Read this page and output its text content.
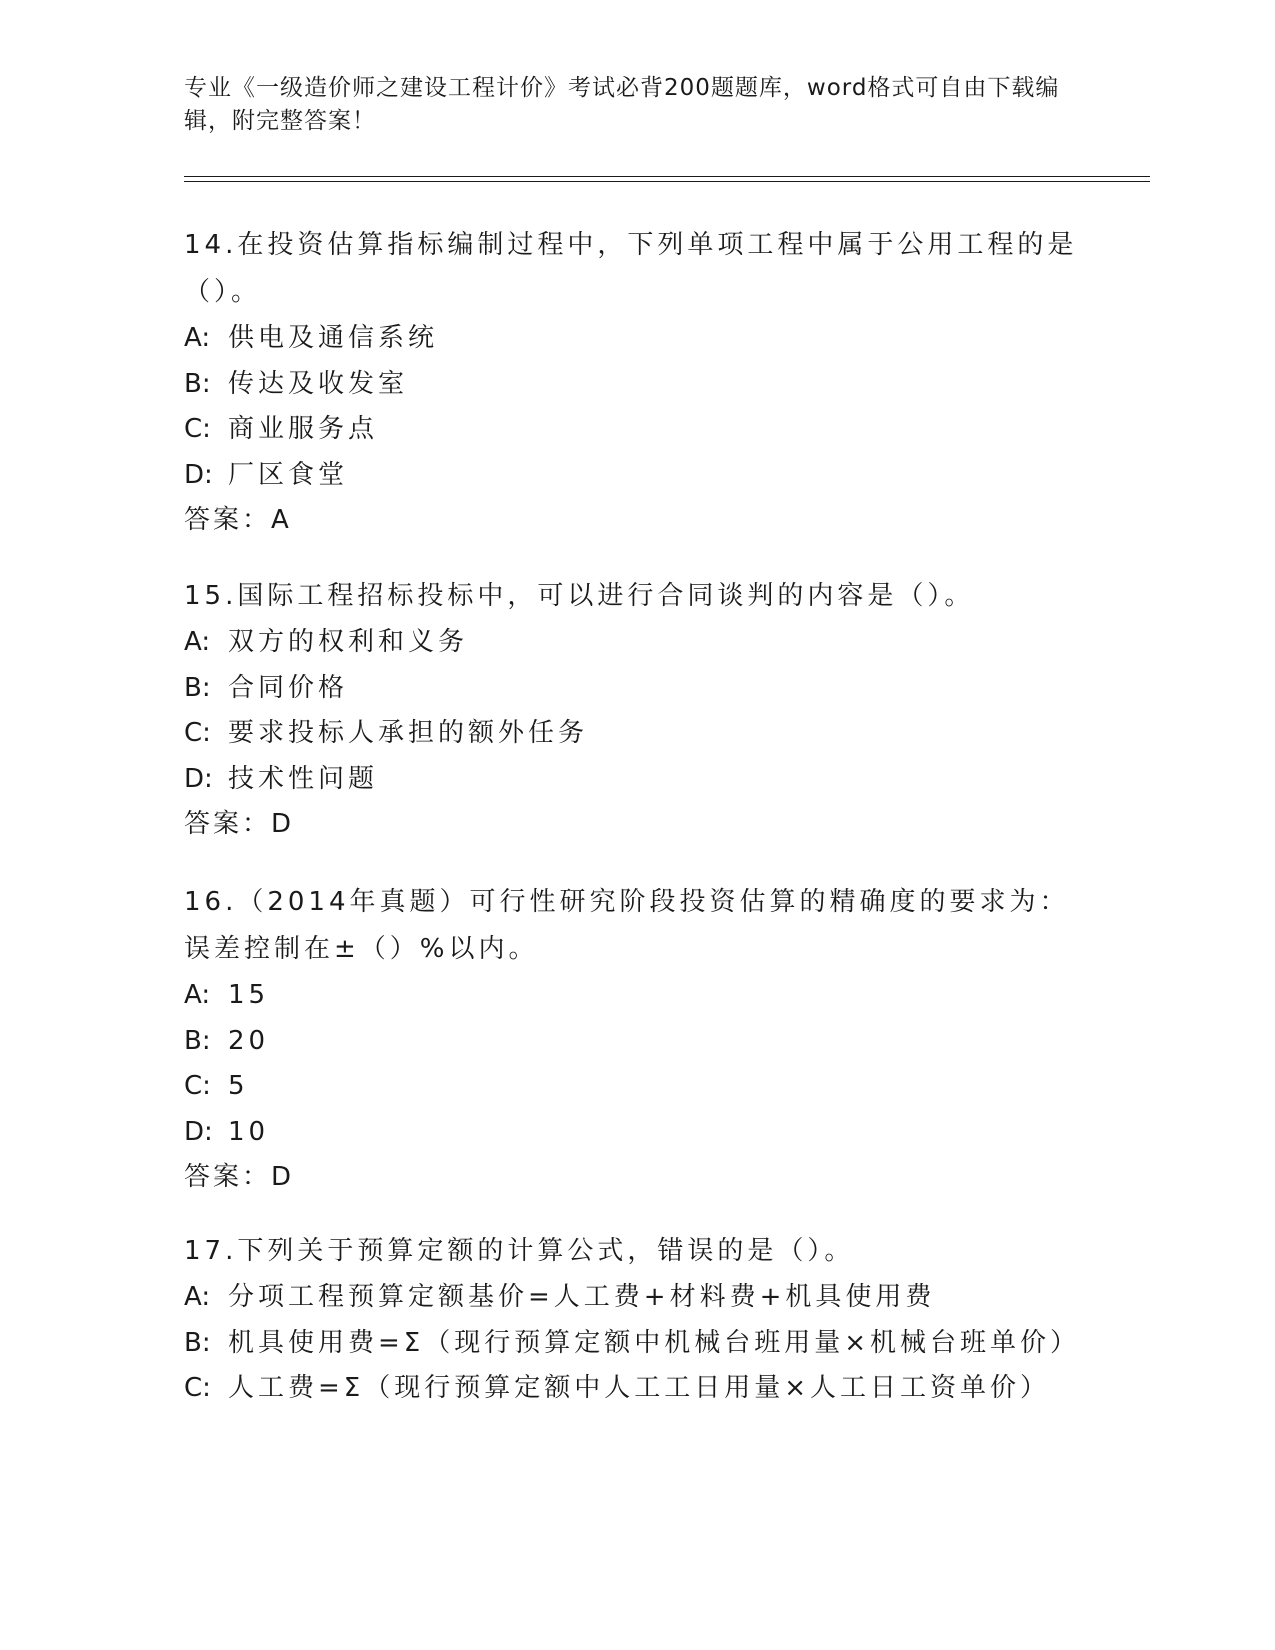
专业《一级造价师之建设工程计价》考试必背200题题库，word格式可自由下载编辑，附完整答案！
14.在投资估算指标编制过程中，下列单项工程中属于公用工程的是（）。
A: 供电及通信系统
B: 传达及收发室
C: 商业服务点
D: 厂区食堂
答案：A
15.国际工程招标投标中，可以进行合同谈判的内容是（）。
A: 双方的权利和义务
B: 合同价格
C: 要求投标人承担的额外任务
D: 技术性问题
答案：D
16.（2014年真题）可行性研究阶段投资估算的精确度的要求为：误差控制在±（）%以内。
A: 15
B: 20
C: 5
D: 10
答案：D
17.下列关于预算定额的计算公式，错误的是（）。
A: 分项工程预算定额基价=人工费+材料费+机具使用费
B: 机具使用费=Σ（现行预算定额中机械台班用量×机械台班单价）
C: 人工费=Σ（现行预算定额中人工工日用量×人工日工资单价）
